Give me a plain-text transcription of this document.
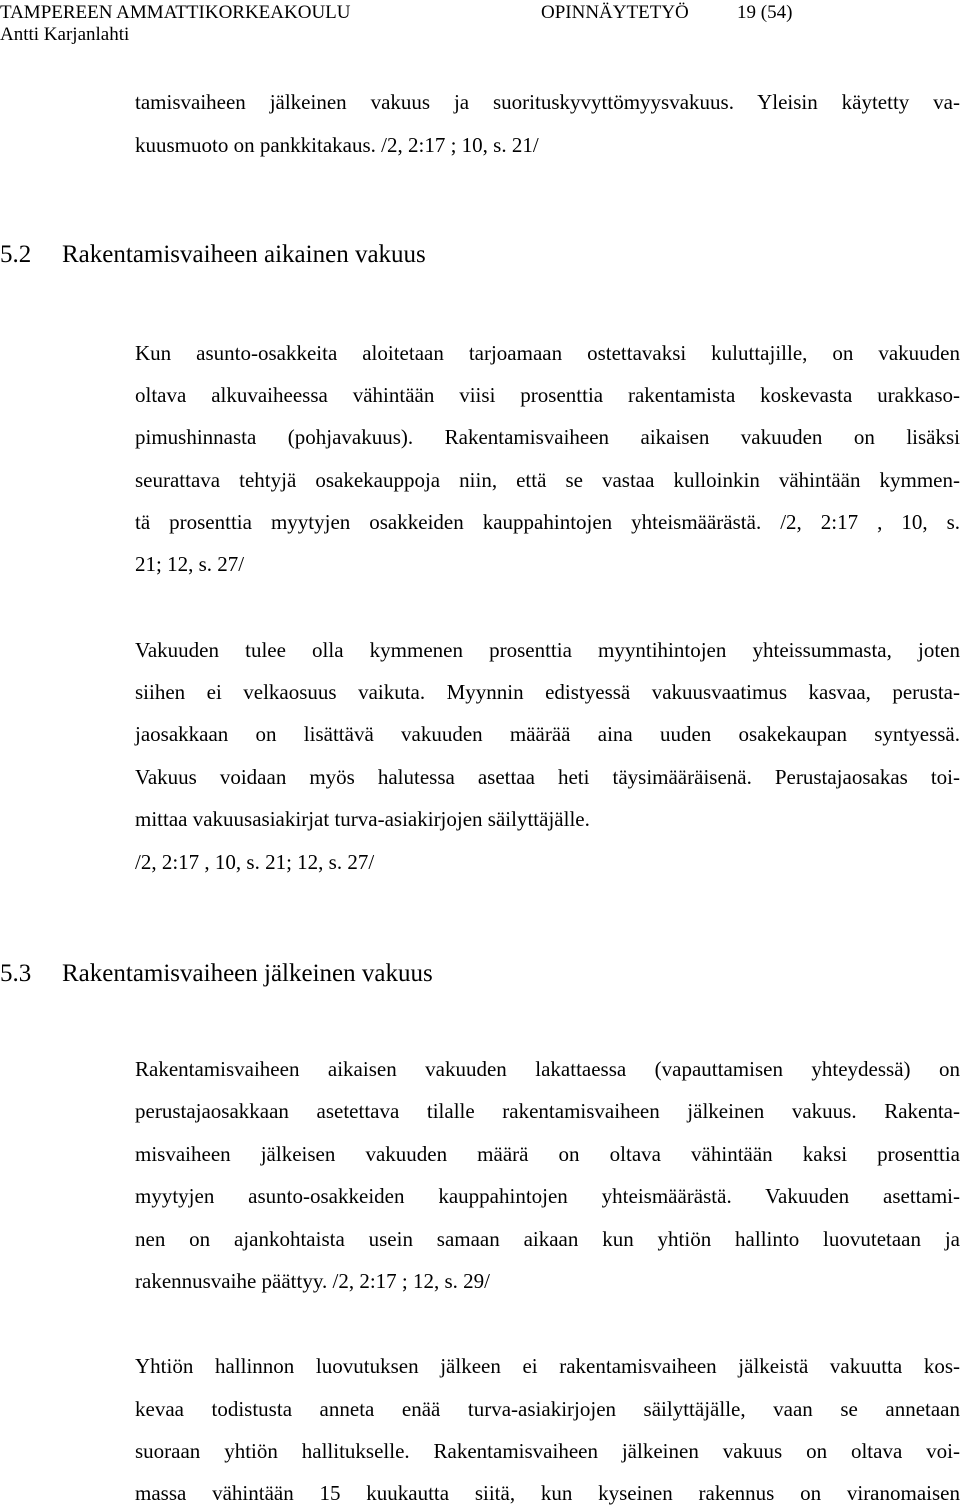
TAMPEREEN AMMATTIKORKEAKOULU	OPINNÄYTETYÖ	19 (54)
Antti Karjanlahti
5.2 Rakentamisvaiheen aikainen vakuus
5.3 Rakentamisvaiheen jälkeinen vakuus
tamisvaiheen jälkeinen vakuus ja suorituskyvyttömyysvakuus. Yleisin käytetty va-
kuusmuoto on pankkitakaus. /2, 2:17 ; 10, s. 21/
Kun asunto-osakkeita aloitetaan tarjoamaan ostettavaksi kuluttajille, on vakuuden
oltava alkuvaiheessa vähintään viisi prosenttia rakentamista koskevasta urakkaso-
pimushinnasta (pohjavakuus). Rakentamisvaiheen aikaisen vakuuden on lisäksi
seurattava tehtyjä osakekauppoja niin, että se vastaa kulloinkin vähintään kymmen-
tä prosenttia myytyjen osakkeiden kauppahintojen yhteismäärästä. /2, 2:17 , 10, s.
21; 12, s. 27/
Vakuuden tulee olla kymmenen prosenttia myyntihintojen yhteissummasta, joten
siihen ei velkaosuus vaikuta. Myynnin edistyessä vakuusvaatimus kasvaa, perusta-
jaosakkaan on lisättävä vakuuden määrää aina uuden osakekaupan syntyessä.
Vakuus voidaan myös halutessa asettaa heti täysimääräisenä. Perustajaosakas toi-
mittaa vakuusasiakirjat turva-asiakirjojen säilyttäjälle.
/2, 2:17 , 10, s. 21; 12, s. 27/
Rakentamisvaiheen aikaisen vakuuden lakattaessa (vapauttamisen yhteydessä) on
perustajaosakkaan asetettava tilalle rakentamisvaiheen jälkeinen vakuus. Rakenta-
misvaiheen jälkeisen vakuuden määrä on oltava vähintään kaksi prosenttia
myytyjen asunto-osakkeiden kauppahintojen yhteismäärästä. Vakuuden asettami-
nen on ajankohtaista usein samaan aikaan kun yhtiön hallinto luovutetaan ja
rakennusvaihe päättyy. /2, 2:17 ; 12, s. 29/
Yhtiön hallinnon luovutuksen jälkeen ei rakentamisvaiheen jälkeistä vakuutta kos-
kevaa todistusta anneta enää turva-asiakirjojen säilyttäjälle, vaan se annetaan
suoraan yhtiön hallitukselle. Rakentamisvaiheen jälkeinen vakuus on oltava voi-
massa vähintään 15 kuukautta siitä, kun kyseinen rakennus on viranomaisen
